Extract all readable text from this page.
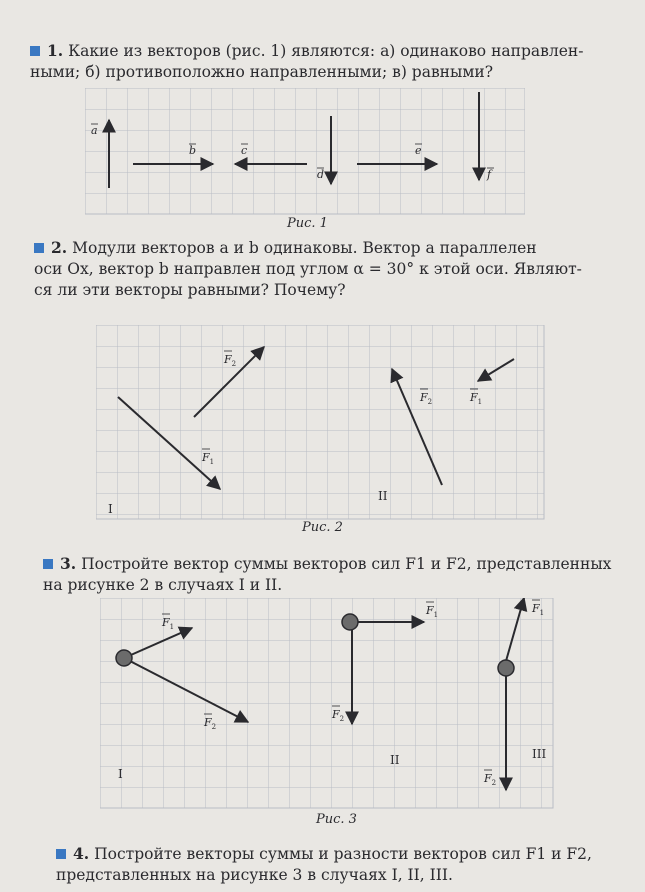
1. Какие из векторов (рис. 1) являются: а) одинаково направлен-
ными; б) противоположно направленными; в) равными?
a
b	c
d
e
f
Рис. 1
2. Модули векторов a и b одинаковы. Вектор a параллелен
оси Ox, вектор b направлен под углом α = 30° к этой оси. Являют-
ся ли эти векторы равными? Почему?
$F_2$
$F_1$
$F_2$	$F_1$
I
II
Рис. 2
3. Постройте вектор суммы векторов сил F1 и F2, представленных
на рисунке 2 в случаях I и II.
$F_1$
$F_2$
$F_1$
$F_2$
$F_1$
$F_2$
I
II	III
Рис. 3
4. Постройте векторы суммы и разности векторов сил F1 и F2,
представленных на рисунке 3 в случаях I, II, III.
